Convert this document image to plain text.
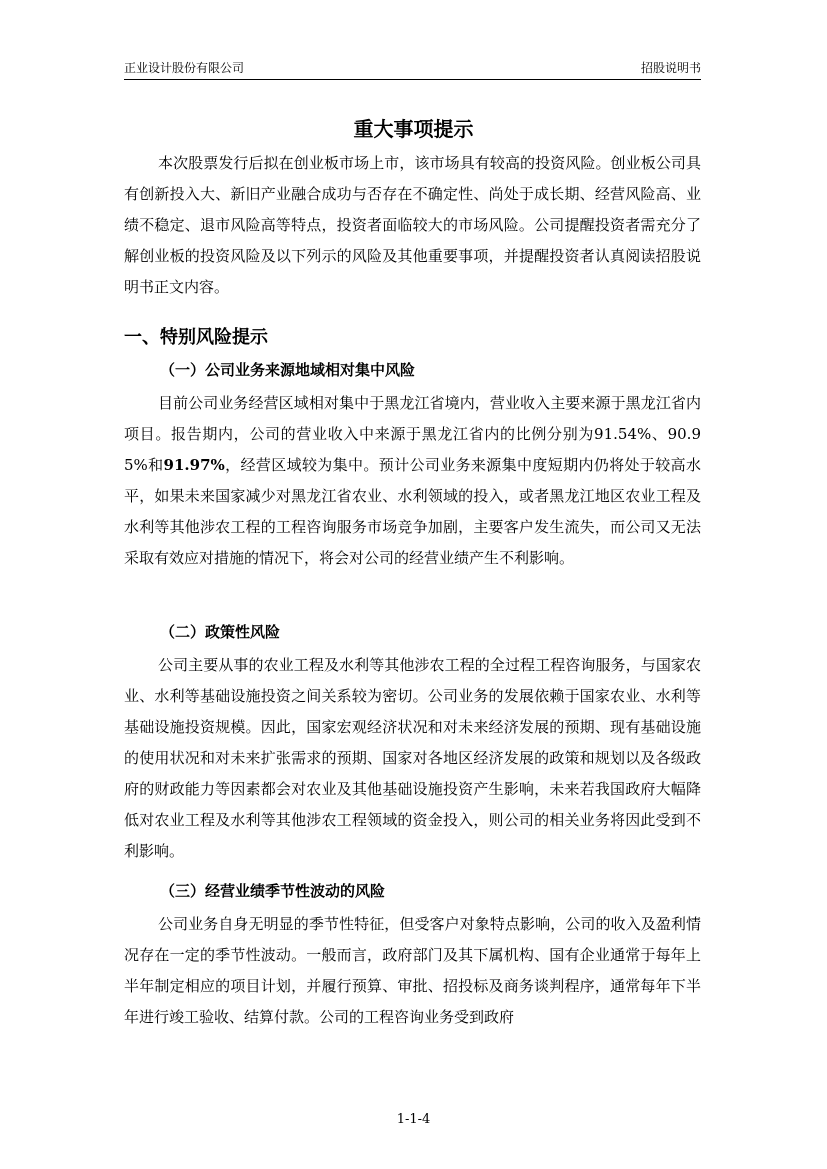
正业设计股份有限公司	招股说明书
重大事项提示

本次股票发行后拟在创业板市场上市，该市场具有较高的投资风险。创业板公司具有创新投入大、新旧产业融合成功与否存在不确定性、尚处于成长期、经营风险高、业绩不稳定、退市风险高等特点，投资者面临较大的市场风险。公司提醒投资者需充分了解创业板的投资风险及以下列示的风险及其他重要事项，并提醒投资者认真阅读招股说明书正文内容。

一、特别风险提示
（一）公司业务来源地域相对集中风险

目前公司业务经营区域相对集中于黑龙江省境内，营业收入主要来源于黑龙江省内项目。报告期内，公司的营业收入中来源于黑龙江省内的比例分别为91.54%、90.95%和91.97%，经营区域较为集中。预计公司业务来源集中度短期内仍将处于较高水平，如果未来国家减少对黑龙江省农业、水利领域的投入，或者黑龙江地区农业工程及水利等其他涉农工程的工程咨询服务市场竞争加剧，主要客户发生流失，而公司又无法采取有效应对措施的情况下，将会对公司的经营业绩产生不利影响。

（二）政策性风险

公司主要从事的农业工程及水利等其他涉农工程的全过程工程咨询服务，与国家农业、水利等基础设施投资之间关系较为密切。公司业务的发展依赖于国家农业、水利等基础设施投资规模。因此，国家宏观经济状况和对未来经济发展的预期、现有基础设施的使用状况和对未来扩张需求的预期、国家对各地区经济发展的政策和规划以及各级政府的财政能力等因素都会对农业及其他基础设施投资产生影响，未来若我国政府大幅降低对农业工程及水利等其他涉农工程领域的资金投入，则公司的相关业务将因此受到不利影响。

（三）经营业绩季节性波动的风险

公司业务自身无明显的季节性特征，但受客户对象特点影响，公司的收入及盈利情况存在一定的季节性波动。一般而言，政府部门及其下属机构、国有企业通常于每年上半年制定相应的项目计划，并履行预算、审批、招投标及商务谈判程序，通常每年下半年进行竣工验收、结算付款。公司的工程咨询业务受到政府

1-1-4
